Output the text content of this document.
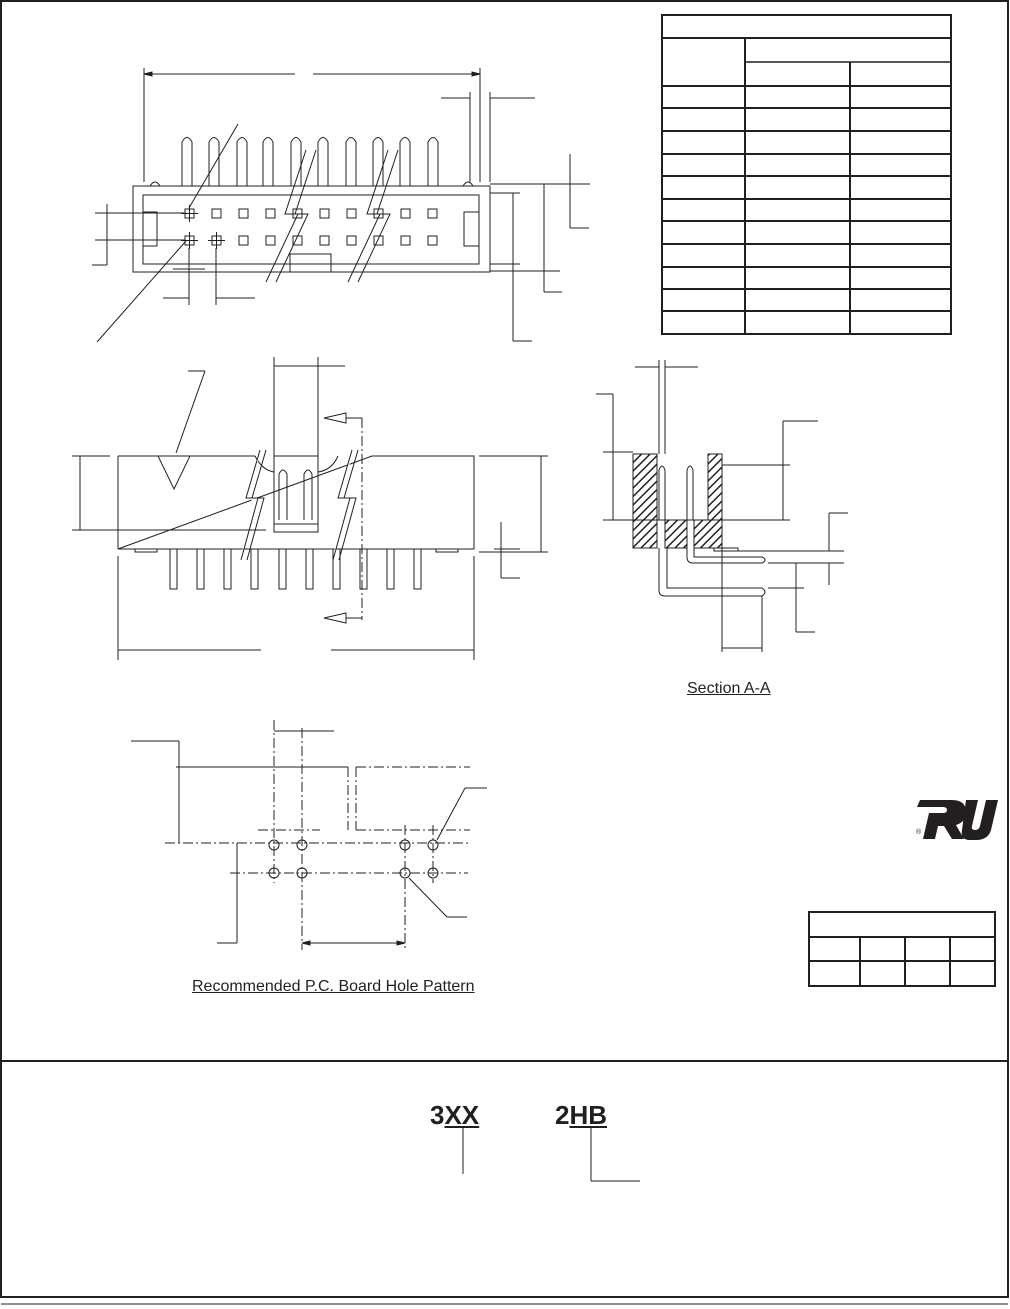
Section A-A
Recommended P.C. Board Hole Pattern
®
3XX	2HB
